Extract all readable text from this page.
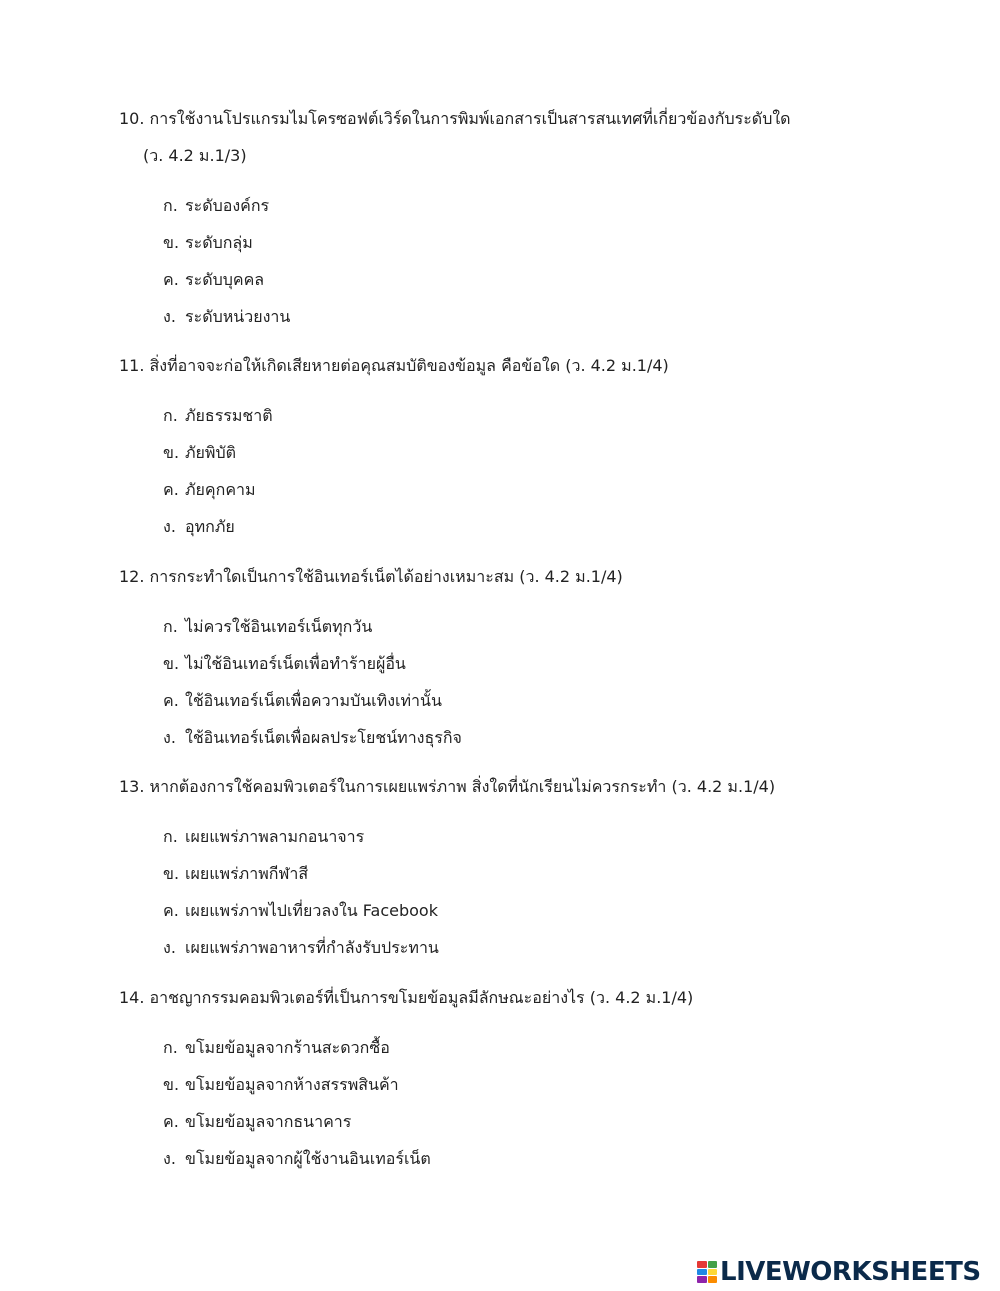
10. การใช้งานโปรแกรมไมโครซอฟต์เวิร์ดในการพิมพ์เอกสารเป็นสารสนเทศที่เกี่ยวข้องกับระดับใด
(ว. 4.2 ม.1/3)
ก. ระดับองค์กร
ข. ระดับกลุ่ม
ค. ระดับบุคคล
ง. ระดับหน่วยงาน
11. สิ่งที่อาจจะก่อให้เกิดเสียหายต่อคุณสมบัติของข้อมูล คือข้อใด (ว. 4.2 ม.1/4)
ก. ภัยธรรมชาติ
ข. ภัยพิบัติ
ค. ภัยคุกคาม
ง. อุทกภัย
12. การกระทำใดเป็นการใช้อินเทอร์เน็ตได้อย่างเหมาะสม (ว. 4.2 ม.1/4)
ก. ไม่ควรใช้อินเทอร์เน็ตทุกวัน
ข. ไม่ใช้อินเทอร์เน็ตเพื่อทำร้ายผู้อื่น
ค. ใช้อินเทอร์เน็ตเพื่อความบันเทิงเท่านั้น
ง. ใช้อินเทอร์เน็ตเพื่อผลประโยชน์ทางธุรกิจ
13. หากต้องการใช้คอมพิวเตอร์ในการเผยแพร่ภาพ สิ่งใดที่นักเรียนไม่ควรกระทำ (ว. 4.2 ม.1/4)
ก. เผยแพร่ภาพลามกอนาจาร
ข. เผยแพร่ภาพกีฬาสี
ค. เผยแพร่ภาพไปเที่ยวลงใน Facebook
ง. เผยแพร่ภาพอาหารที่กำลังรับประทาน
14. อาชญากรรมคอมพิวเตอร์ที่เป็นการขโมยข้อมูลมีลักษณะอย่างไร (ว. 4.2 ม.1/4)
ก. ขโมยข้อมูลจากร้านสะดวกซื้อ
ข. ขโมยข้อมูลจากห้างสรรพสินค้า
ค. ขโมยข้อมูลจากธนาคาร
ง. ขโมยข้อมูลจากผู้ใช้งานอินเทอร์เน็ต
LIVEWORKSHEETS
